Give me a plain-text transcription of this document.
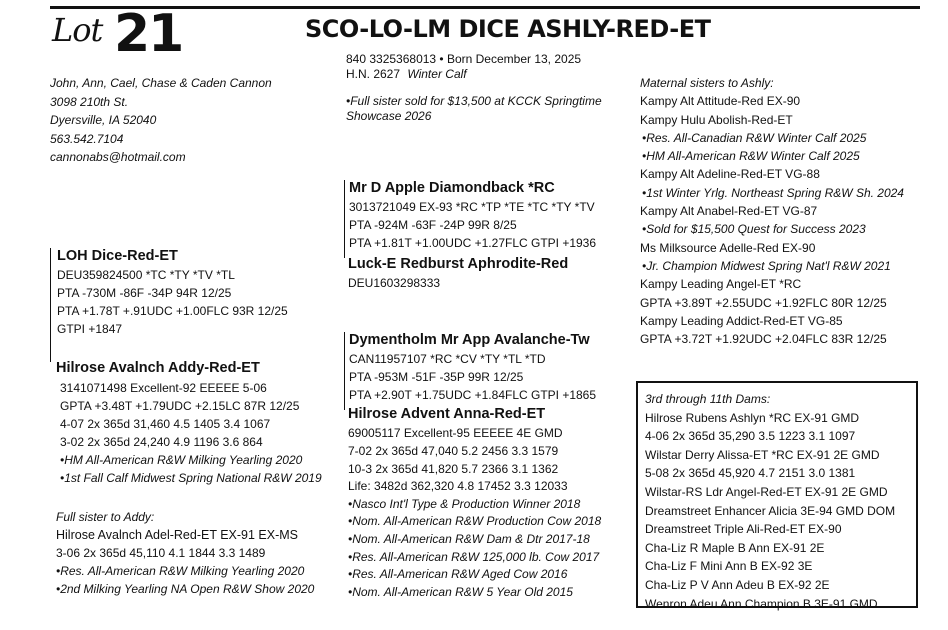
Lot 21	SCO-LO-LM DICE ASHLY-RED-ET
840 3325368013 • Born December 13, 2025
H.N. 2627 Winter Calf
•Full sister sold for $13,500 at KCCK Springtime
Showcase 2026
John, Ann, Cael, Chase & Caden Cannon
3098 210th St.
Dyersville, IA 52040
563.542.7104
cannonabs@hotmail.com
Mr D Apple Diamondback *RC
3013721049 EX-93 *RC *TP *TE *TC *TY *TV
PTA -924M -63F -24P 99R 8/25
PTA +1.81T +1.00UDC +1.27FLC GTPI +1936
Luck-E Redburst Aphrodite-Red
DEU1603298333
LOH Dice-Red-ET
DEU359824500 *TC *TY *TV *TL
PTA -730M -86F -34P 94R 12/25
PTA +1.78T +.91UDC +1.00FLC 93R 12/25
GTPI +1847
Hilrose Avalnch Addy-Red-ET
3141071498 Excellent-92 EEEEE 5-06
GPTA +3.48T +1.79UDC +2.15LC 87R 12/25
4-07 2x 365d 31,460 4.5 1405 3.4 1067
3-02 2x 365d 24,240 4.9 1196 3.6 864
•HM All-American R&W Milking Yearling 2020
•1st Fall Calf Midwest Spring National R&W 2019
Dymentholm Mr App Avalanche-Tw
CAN11957107 *RC *CV *TY *TL *TD
PTA -953M -51F -35P 99R 12/25
PTA +2.90T +1.75UDC +1.84FLC GTPI +1865
Hilrose Advent Anna-Red-ET
69005117 Excellent-95 EEEEE 4E GMD
7-02 2x 365d 47,040 5.2 2456 3.3 1579
10-3 2x 365d 41,820 5.7 2366 3.1 1362
Life: 3482d 362,320 4.8 17452 3.3 12033
•Nasco Int'l Type & Production Winner 2018
•Nom. All-American R&W Production Cow 2018
•Nom. All-American R&W Dam & Dtr 2017-18
•Res. All-American R&W 125,000 lb. Cow 2017
•Res. All-American R&W Aged Cow 2016
•Nom. All-American R&W 5 Year Old 2015
Full sister to Addy:
Hilrose Avalnch Adel-Red-ET EX-91 EX-MS
3-06 2x 365d 45,110 4.1 1844 3.3 1489
•Res. All-American R&W Milking Yearling 2020
•2nd Milking Yearling NA Open R&W Show 2020
Maternal sisters to Ashly:
Kampy Alt Attitude-Red EX-90
Kampy Hulu Abolish-Red-ET
•Res. All-Canadian R&W Winter Calf 2025
•HM All-American R&W Winter Calf 2025
Kampy Alt Adeline-Red-ET VG-88
•1st Winter Yrlg. Northeast Spring R&W Sh. 2024
Kampy Alt Anabel-Red-ET VG-87
•Sold for $15,500 Quest for Success 2023
Ms Milksource Adelle-Red EX-90
•Jr. Champion Midwest Spring Nat'l R&W 2021
Kampy Leading Angel-ET *RC
GPTA +3.89T +2.55UDC +1.92FLC 80R 12/25
Kampy Leading Addict-Red-ET VG-85
GPTA +3.72T +1.92UDC +2.04FLC 83R 12/25
3rd through 11th Dams:
Hilrose Rubens Ashlyn *RC EX-91 GMD
4-06 2x 365d 35,290 3.5 1223 3.1 1097
Wilstar Derry Alissa-ET *RC EX-91 2E GMD
5-08 2x 365d 45,920 4.7 2151 3.0 1381
Wilstar-RS Ldr Angel-Red-ET EX-91 2E GMD
Dreamstreet Enhancer Alicia 3E-94 GMD DOM
Dreamstreet Triple Ali-Red-ET EX-90
Cha-Liz R Maple B Ann EX-91 2E
Cha-Liz F Mini Ann B EX-92 3E
Cha-Liz P V Ann Adeu B EX-92 2E
Wenron Adeu Ann Champion B 3E-91 GMD
